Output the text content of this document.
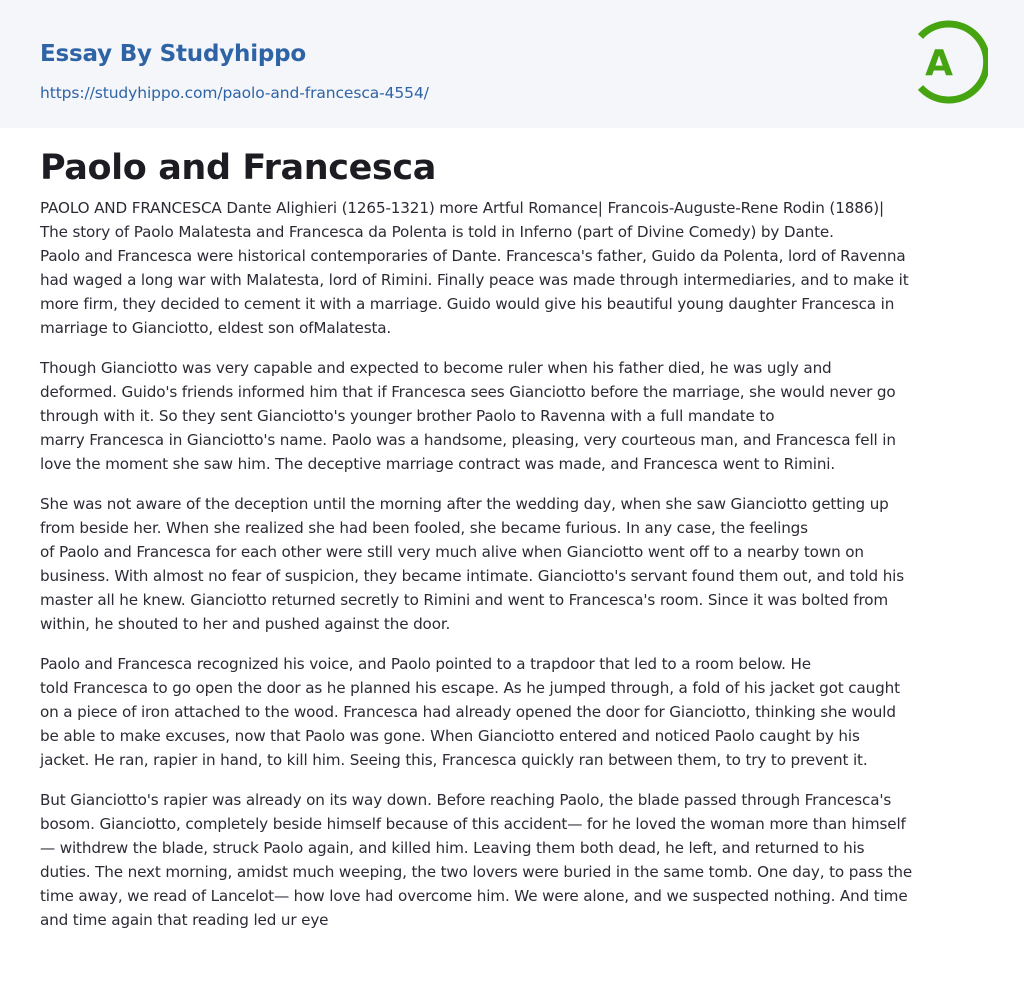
Essay By Studyhippo
https://studyhippo.com/paolo-and-francesca-4554/
A
Paolo and Francesca
PAOLO AND FRANCESCA Dante Alighieri (1265-1321) more Artful Romance| Francois-Auguste-Rene Rodin (1886)|
The story of Paolo Malatesta and Francesca da Polenta is told in Inferno (part of Divine Comedy) by Dante.
Paolo and Francesca were historical contemporaries of Dante. Francesca's father, Guido da Polenta, lord of Ravenna
had waged a long war with Malatesta, lord of Rimini. Finally peace was made through intermediaries, and to make it
more firm, they decided to cement it with a marriage. Guido would give his beautiful young daughter Francesca in
marriage to Gianciotto, eldest son ofMalatesta.
Though Gianciotto was very capable and expected to become ruler when his father died, he was ugly and
deformed. Guido's friends informed him that if Francesca sees Gianciotto before the marriage, she would never go
through with it. So they sent Gianciotto's younger brother Paolo to Ravenna with a full mandate to
marry Francesca in Gianciotto's name. Paolo was a handsome, pleasing, very courteous man, and Francesca fell in
love the moment she saw him. The deceptive marriage contract was made, and Francesca went to Rimini.
She was not aware of the deception until the morning after the wedding day, when she saw Gianciotto getting up
from beside her. When she realized she had been fooled, she became furious. In any case, the feelings
of Paolo and Francesca for each other were still very much alive when Gianciotto went off to a nearby town on
business. With almost no fear of suspicion, they became intimate. Gianciotto's servant found them out, and told his
master all he knew. Gianciotto returned secretly to Rimini and went to Francesca's room. Since it was bolted from
within, he shouted to her and pushed against the door.
Paolo and Francesca recognized his voice, and Paolo pointed to a trapdoor that led to a room below. He
told Francesca to go open the door as he planned his escape. As he jumped through, a fold of his jacket got caught
on a piece of iron attached to the wood. Francesca had already opened the door for Gianciotto, thinking she would
be able to make excuses, now that Paolo was gone. When Gianciotto entered and noticed Paolo caught by his
jacket. He ran, rapier in hand, to kill him. Seeing this, Francesca quickly ran between them, to try to prevent it.
But Gianciotto's rapier was already on its way down. Before reaching Paolo, the blade passed through Francesca's
bosom. Gianciotto, completely beside himself because of this accident— for he loved the woman more than himself
— withdrew the blade, struck Paolo again, and killed him. Leaving them both dead, he left, and returned to his
duties. The next morning, amidst much weeping, the two lovers were buried in the same tomb. One day, to pass the
time away, we read of Lancelot— how love had overcome him. We were alone, and we suspected nothing. And time
and time again that reading led ur eye
